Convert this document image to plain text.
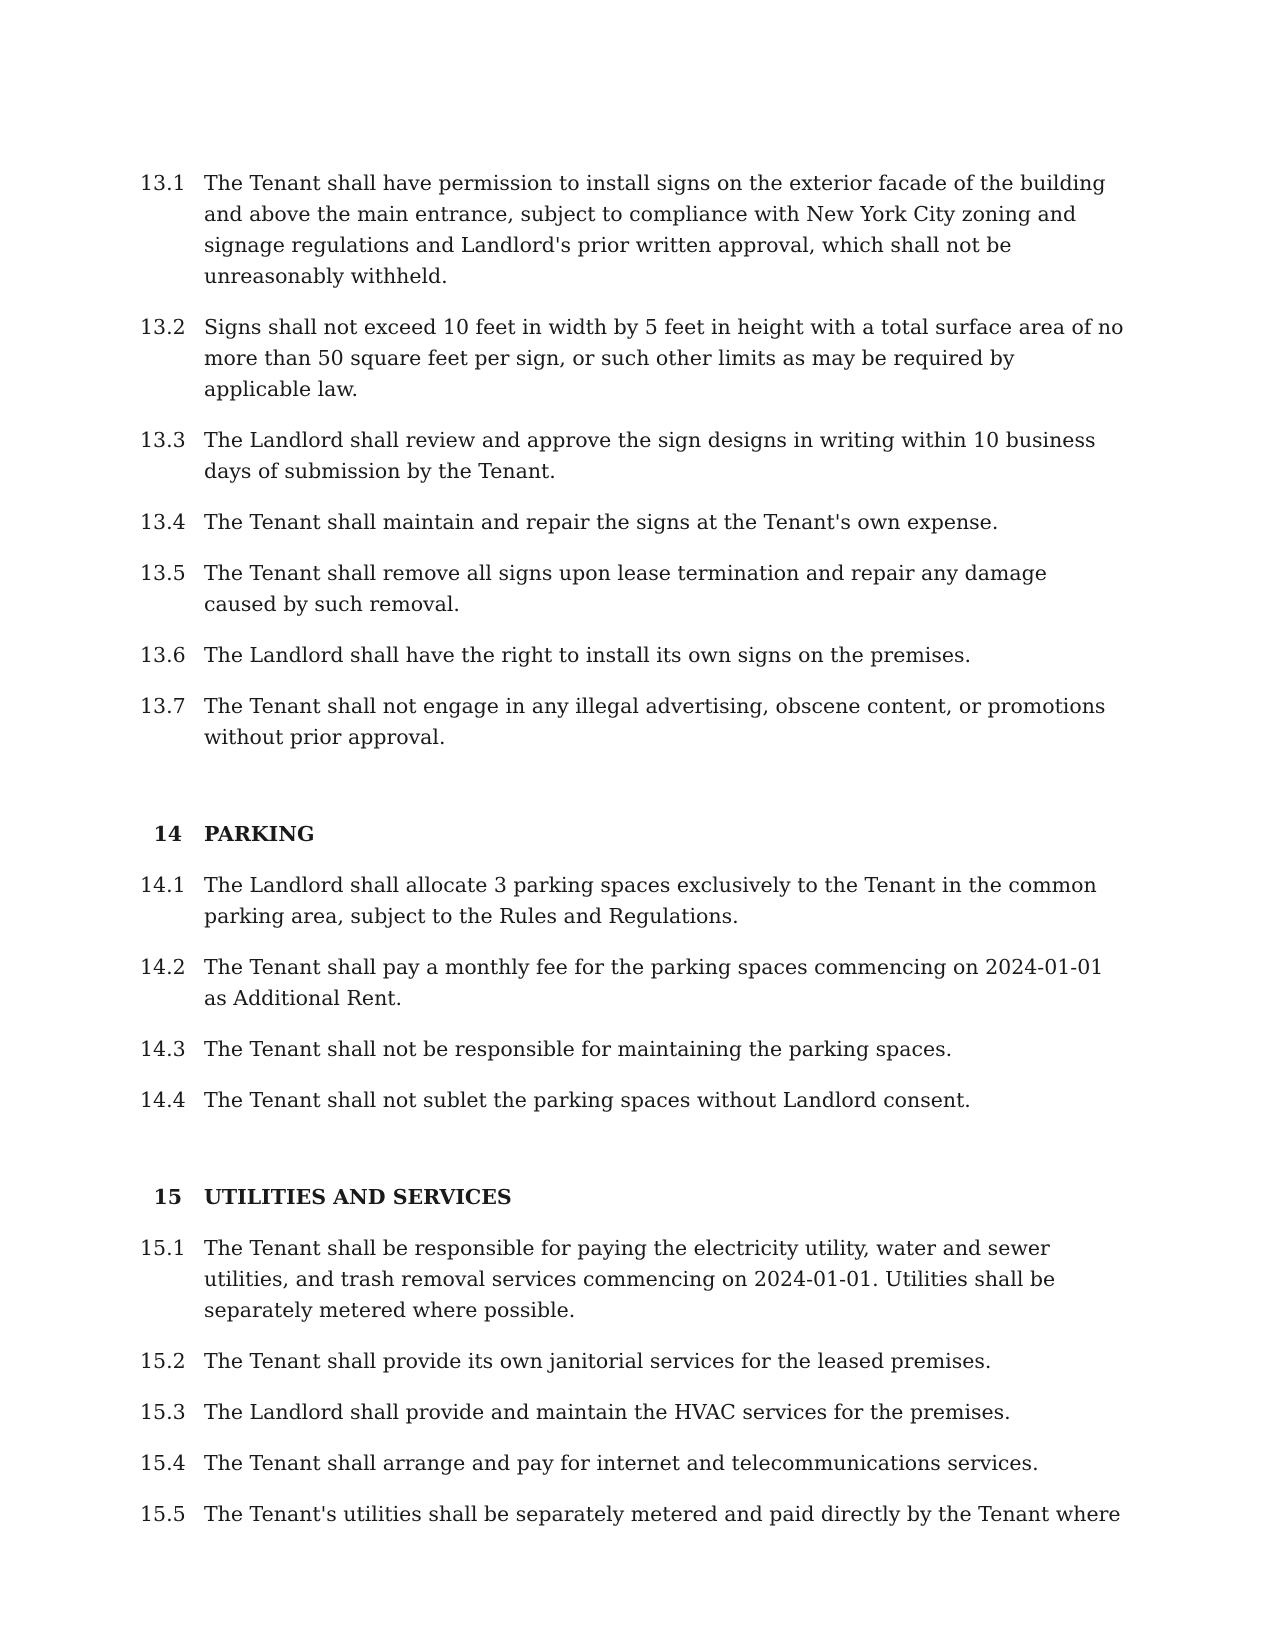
13.1 The Tenant shall have permission to install signs on the exterior facade of the building and above the main entrance, subject to compliance with New York City zoning and signage regulations and Landlord's prior written approval, which shall not be unreasonably withheld.
13.2 Signs shall not exceed 10 feet in width by 5 feet in height with a total surface area of no more than 50 square feet per sign, or such other limits as may be required by applicable law.
13.3 The Landlord shall review and approve the sign designs in writing within 10 business days of submission by the Tenant.
13.4 The Tenant shall maintain and repair the signs at the Tenant's own expense.
13.5 The Tenant shall remove all signs upon lease termination and repair any damage caused by such removal.
13.6 The Landlord shall have the right to install its own signs on the premises.
13.7 The Tenant shall not engage in any illegal advertising, obscene content, or promotions without prior approval.
14	PARKING
14.1 The Landlord shall allocate 3 parking spaces exclusively to the Tenant in the common parking area, subject to the Rules and Regulations.
14.2 The Tenant shall pay a monthly fee for the parking spaces commencing on 2024-01-01 as Additional Rent.
14.3 The Tenant shall not be responsible for maintaining the parking spaces.
14.4 The Tenant shall not sublet the parking spaces without Landlord consent.
15	UTILITIES AND SERVICES
15.1 The Tenant shall be responsible for paying the electricity utility, water and sewer utilities, and trash removal services commencing on 2024-01-01. Utilities shall be separately metered where possible.
15.2 The Tenant shall provide its own janitorial services for the leased premises.
15.3 The Landlord shall provide and maintain the HVAC services for the premises.
15.4 The Tenant shall arrange and pay for internet and telecommunications services.
15.5 The Tenant's utilities shall be separately metered and paid directly by the Tenant where
